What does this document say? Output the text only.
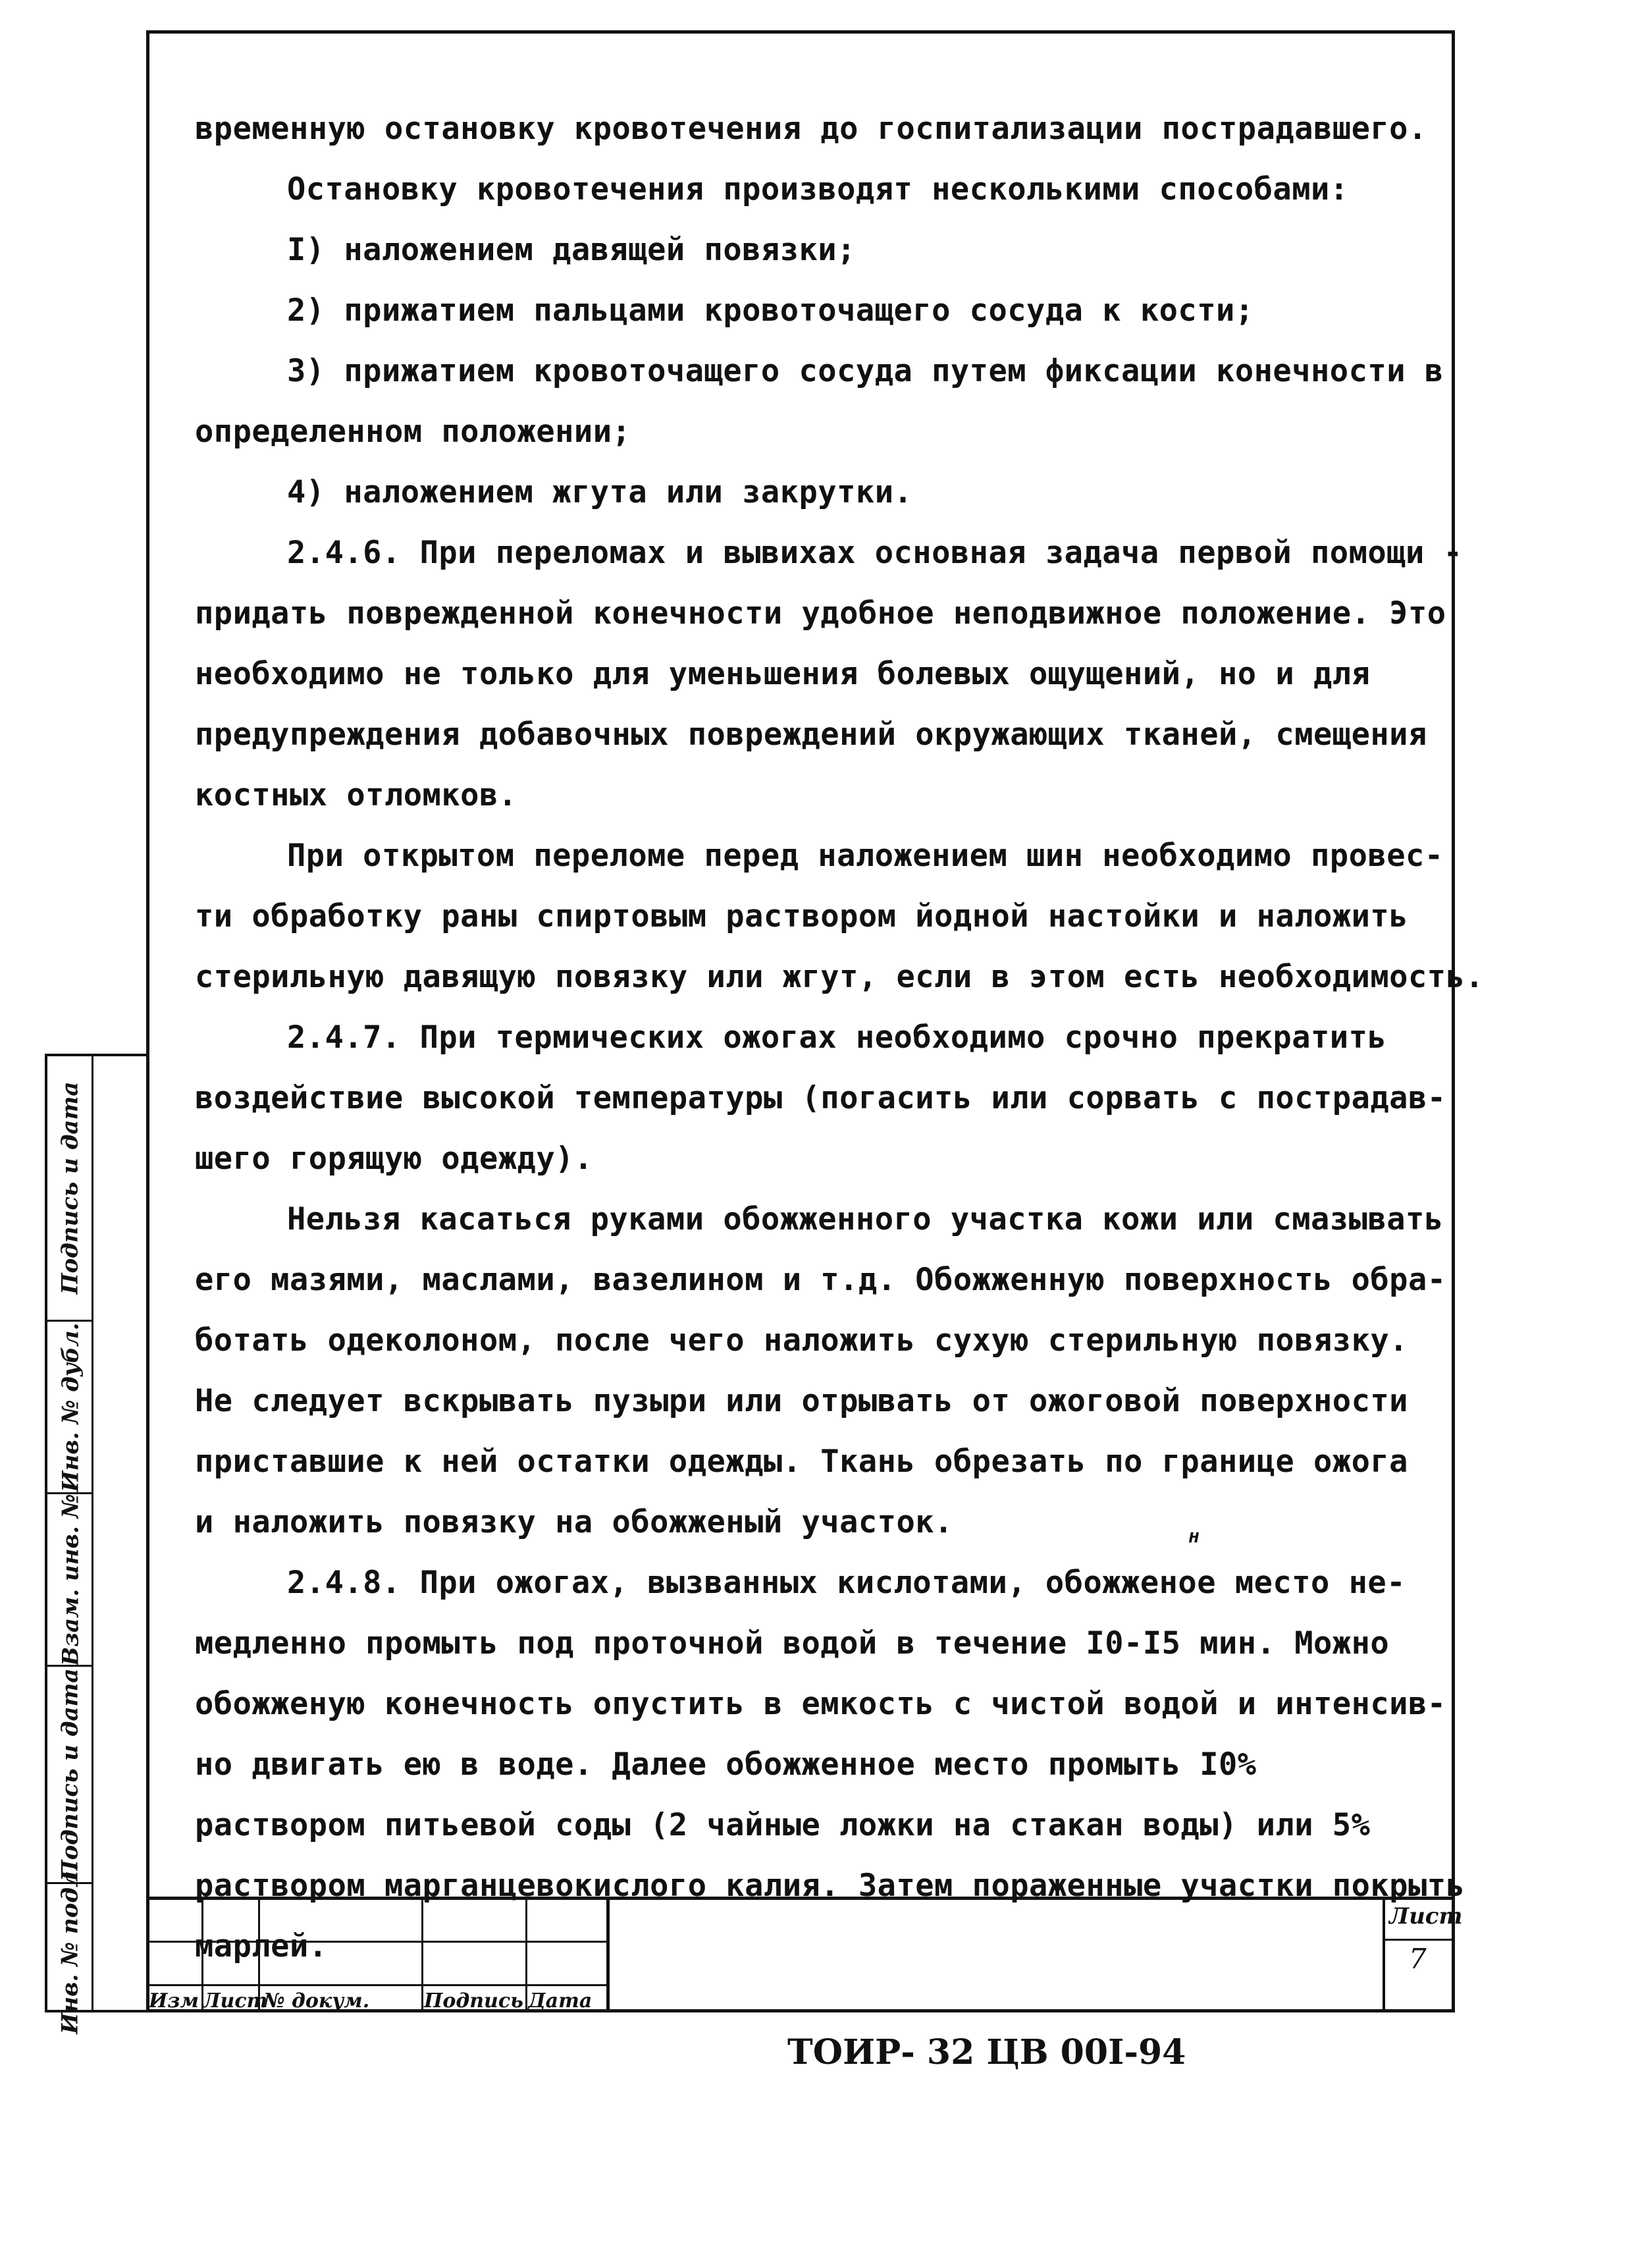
временную остановку кровотечения до госпитализации пострадавшего.
Остановку кровотечения производят несколькими способами:
I) наложением давящей повязки;
2) прижатием пальцами кровоточащего сосуда к кости;
3) прижатием кровоточащего сосуда путем фиксации конечности в
определенном положении;
4) наложением жгута или закрутки.
2.4.6. При переломах и вывихах основная задача первой помощи -
придать поврежденной конечности удобное неподвижное положение. Это
необходимо не только для уменьшения болевых ощущений, но и для
предупреждения добавочных повреждений окружающих тканей, смещения
костных отломков.
При открытом переломе перед наложением шин необходимо провес-
ти обработку раны спиртовым раствором йодной настойки и наложить
стерильную давящую повязку или жгут, если в этом есть необходимость.
2.4.7. При термических ожогах необходимо срочно прекратить
воздействие высокой температуры (погасить или сорвать с пострадав-
шего горящую одежду).
Нельзя касаться руками обожженного участка кожи или смазывать
его мазями, маслами, вазелином и т.д. Обожженную поверхность обра-
ботать одеколоном, после чего наложить сухую стерильную повязку.
Не следует вскрывать пузыри или отрывать от ожоговой поверхности
приставшие к ней остатки одежды. Ткань обрезать по границе ожога
и наложить повязку на обожженый участок.
2.4.8. При ожогах, вызванных кислотами, обожженое место не-
медленно промыть под проточной водой в течение I0-I5 мин. Можно
обожженую конечность опустить в емкость с чистой водой и интенсив-
но двигать ею в воде. Далее обожженное место промыть I0%
раствором питьевой соды (2 чайные ложки на стакан воды) или 5%
раствором марганцевокислого калия. Затем пораженные участки покрыть
марлей.
н
Подпись и дата
Инв. № дубл.
Взам. инв. №
Подпись и дата
Инв. № подл.	Изм Лист
№ докум.	Подпись Дата
ТОИР- 32 ЦВ 00I-94
Лист
7
